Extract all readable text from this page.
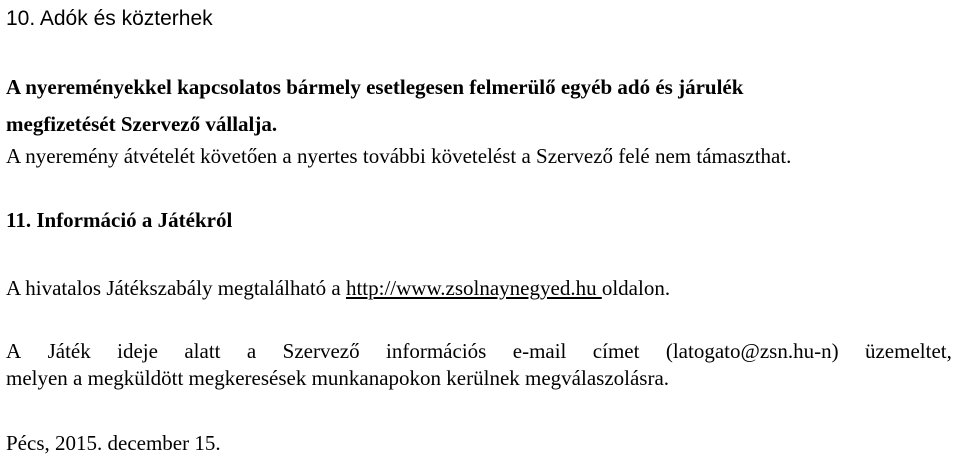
10. Adók és közterhek
A nyereményekkel kapcsolatos bármely esetlegesen felmerülő egyéb adó és járulék
megfizetését Szervező vállalja.
A nyeremény átvételét követően a nyertes további követelést a Szervező felé nem támaszthat.
11. Információ a Játékról
A hivatalos Játékszabály megtalálható a http://www.zsolnaynegyed.hu oldalon.
A Játék ideje alatt a Szervező információs e-mail címet (latogato@zsn.hu-n) üzemeltet,
melyen a megküldött megkeresések munkanapokon kerülnek megválaszolásra.
Pécs, 2015. december 15.
